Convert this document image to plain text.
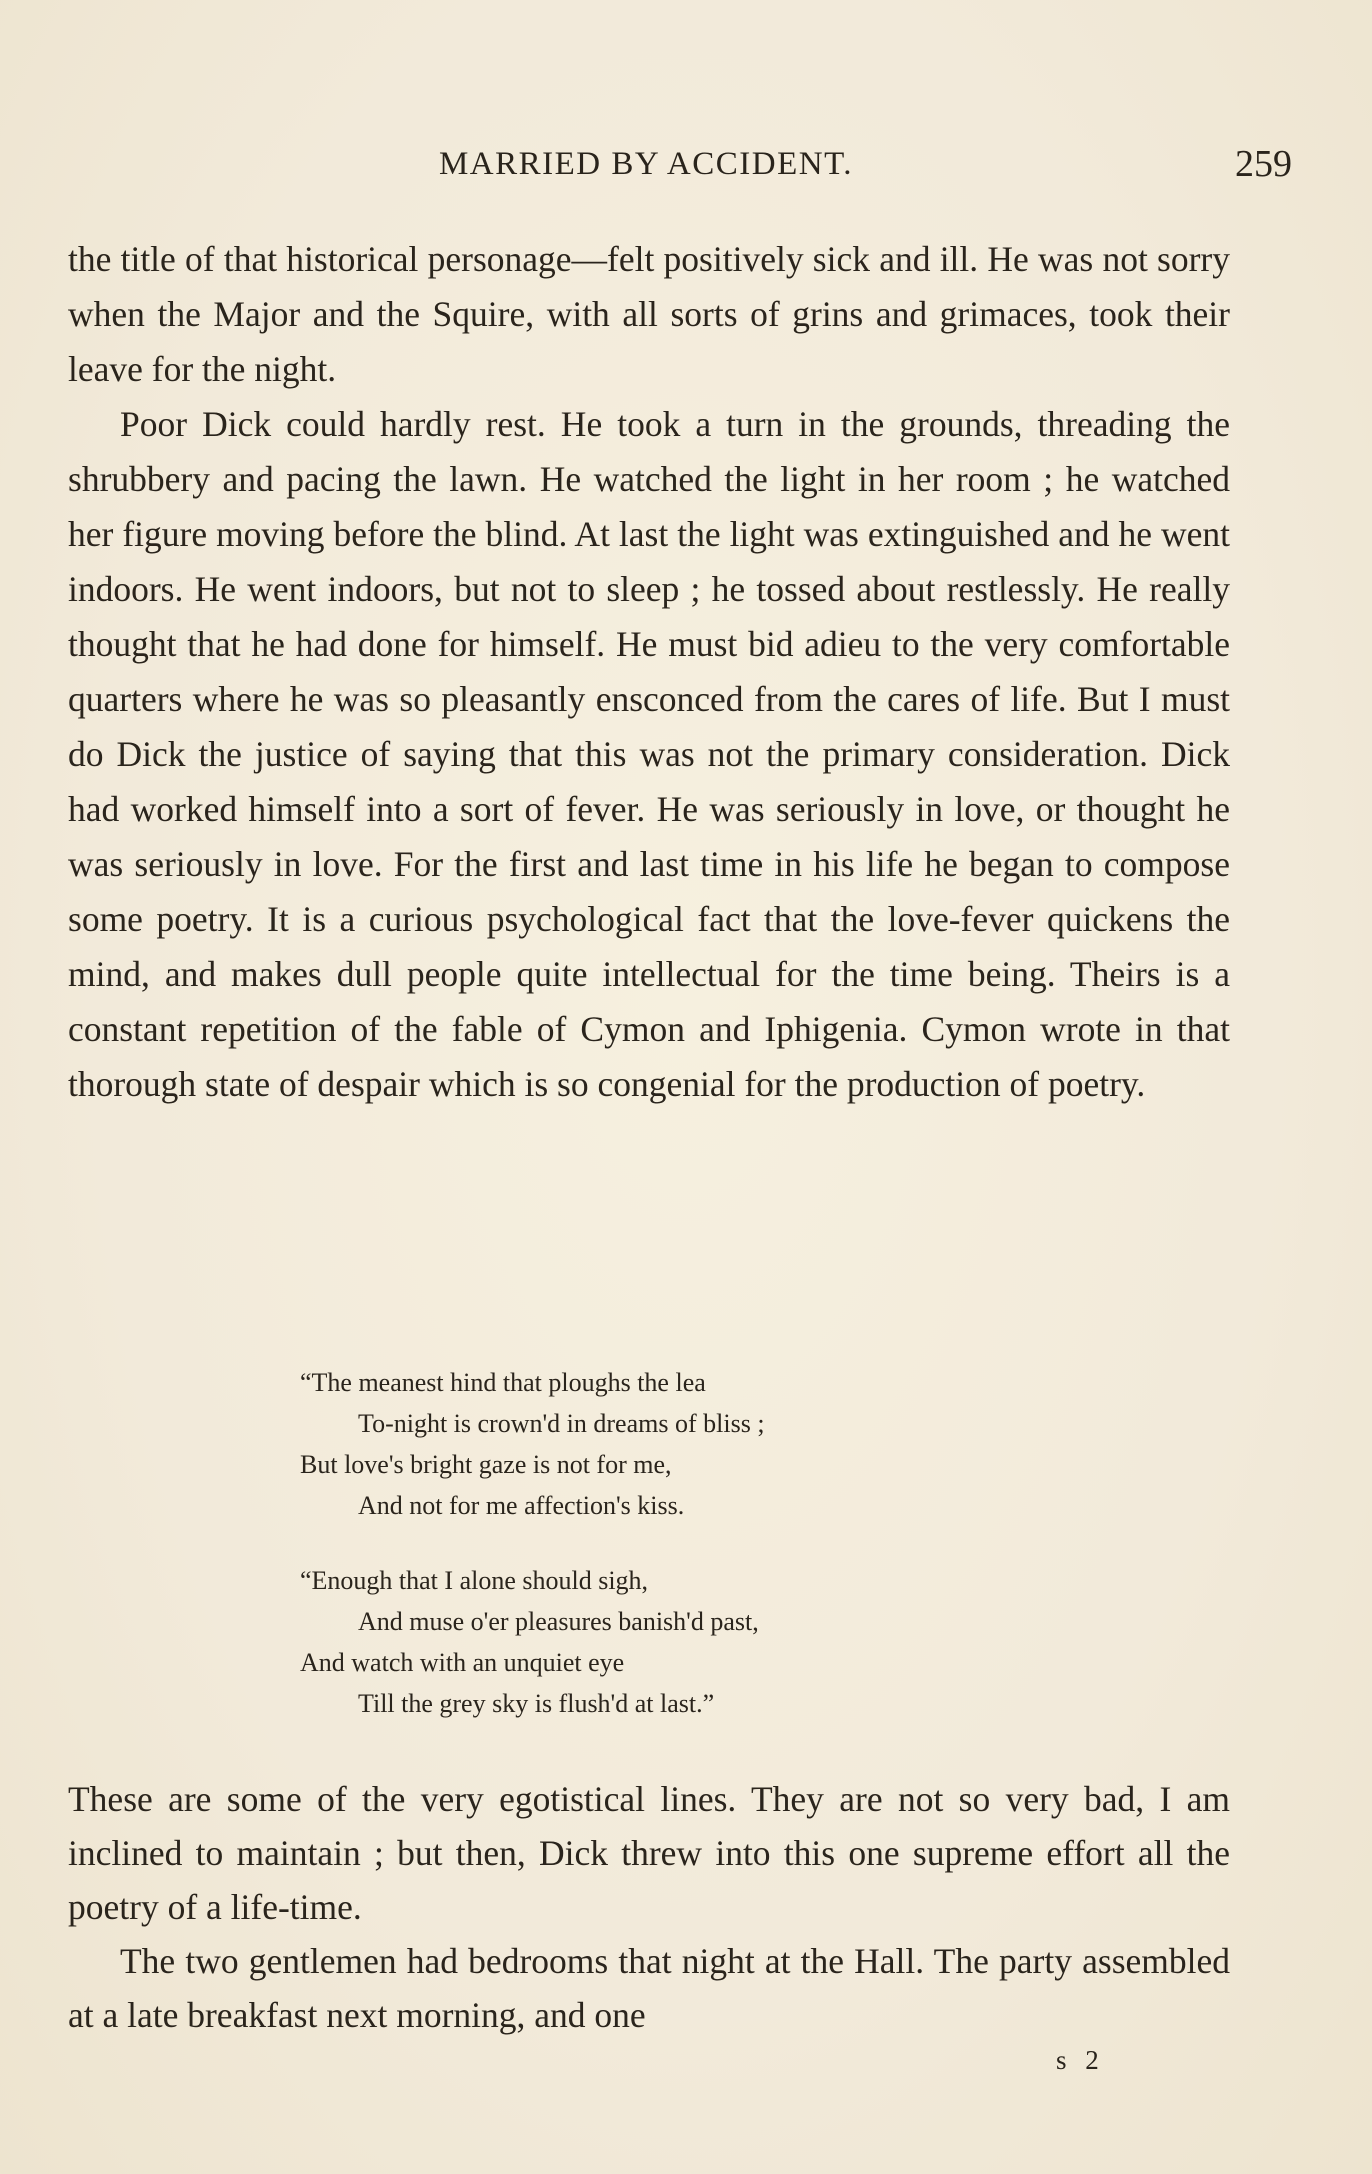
MARRIED BY ACCIDENT.	259

the title of that historical personage—felt positively sick and ill. He was not sorry when the Major and the Squire, with all sorts of grins and grimaces, took their leave for the night.

Poor Dick could hardly rest. He took a turn in the grounds, threading the shrubbery and pacing the lawn. He watched the light in her room ; he watched her figure moving before the blind. At last the light was extinguished and he went indoors. He went indoors, but not to sleep ; he tossed about restlessly. He really thought that he had done for himself. He must bid adieu to the very comfortable quarters where he was so pleasantly ensconced from the cares of life. But I must do Dick the justice of saying that this was not the primary consideration. Dick had worked himself into a sort of fever. He was seriously in love, or thought he was seriously in love. For the first and last time in his life he began to compose some poetry. It is a curious psychological fact that the love-fever quickens the mind, and makes dull people quite intellectual for the time being. Theirs is a constant repetition of the fable of Cymon and Iphigenia. Cymon wrote in that thorough state of despair which is so congenial for the production of poetry.

“The meanest hind that ploughs the lea
To-night is crown'd in dreams of bliss ;
But love's bright gaze is not for me,
And not for me affection's kiss.
“Enough that I alone should sigh,
And muse o'er pleasures banish'd past,
And watch with an unquiet eye
Till the grey sky is flush'd at last.”

These are some of the very egotistical lines. They are not so very bad, I am inclined to maintain ; but then, Dick threw into this one supreme effort all the poetry of a life-time.

The two gentlemen had bedrooms that night at the Hall. The party assembled at a late breakfast next morning, and one

s 2
